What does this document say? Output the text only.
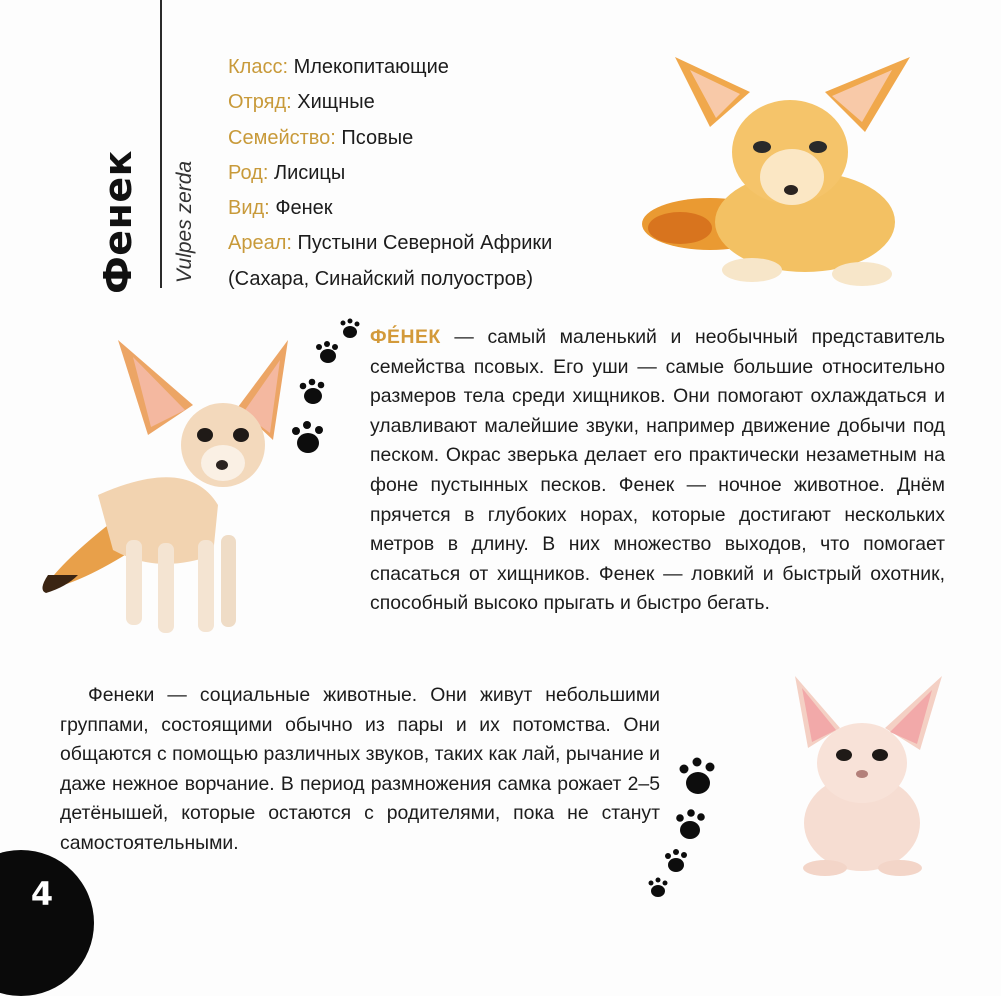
Фенек Vulpes zerda
Класс: Млекопитающие
Отряд: Хищные
Семейство: Псовые
Род: Лисицы
Вид: Фенек
Ареал: Пустыни Северной Африки
(Сахара, Синайский полуостров)
ФЕ́НЕК — самый маленький и необычный представитель семейства псовых. Его уши — самые большие относительно размеров тела среди хищников. Они помогают охлаждаться и улавливают малейшие звуки, например движение добычи под песком. Окрас зверька делает его практически незаметным на фоне пустынных песков. Фенек — ночное животное. Днём прячется в глубоких норах, которые достигают нескольких метров в длину. В них множество выходов, что помогает спасаться от хищников. Фенек — ловкий и быстрый охотник, способный высоко прыгать и быстро бегать.
Фенеки — социальные животные. Они живут небольшими группами, состоящими обычно из пары и их потомства. Они общаются с помощью различных звуков, таких как лай, рычание и даже нежное ворчание. В период размножения самка рожает 2–5 детёнышей, которые остаются с родителями, пока не станут самостоятельными.
4
